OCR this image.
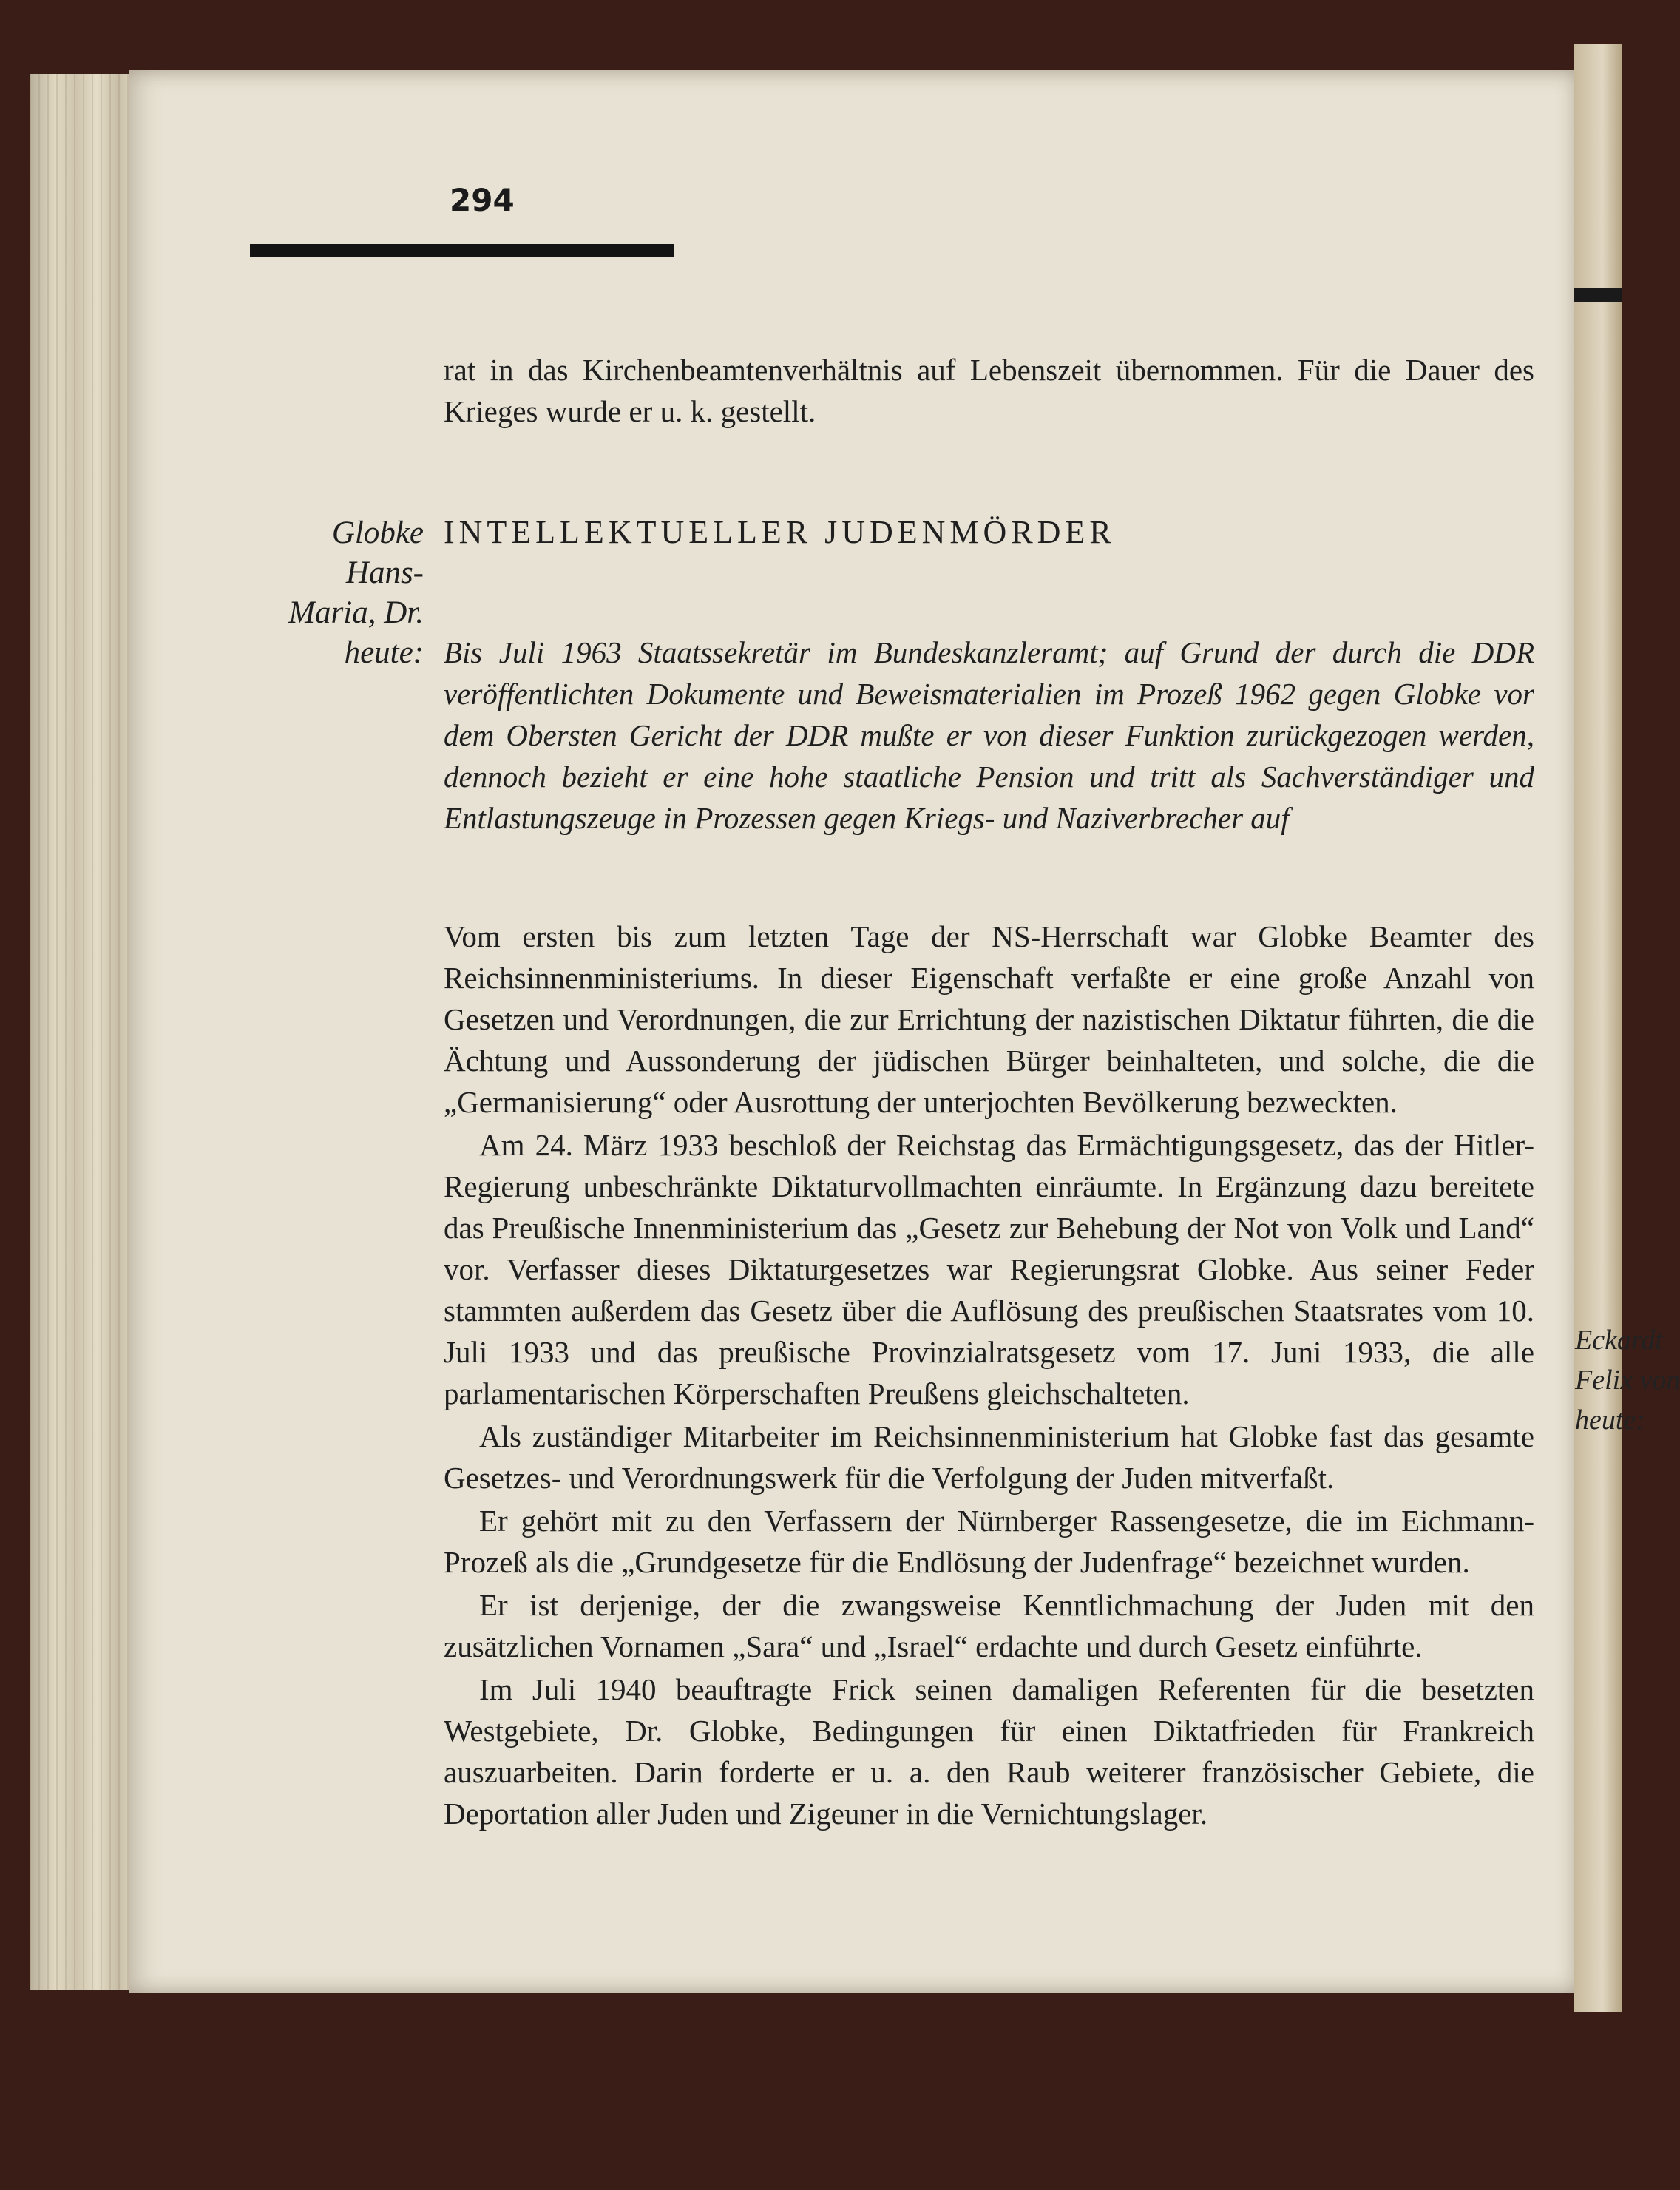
Eckardt
Felix von
heute:
294

rat in das Kirchenbeamtenverhältnis auf Lebenszeit übernommen. Für die Dauer des Krieges wurde er u. k. gestellt.

Globke
Hans-
Maria, Dr.
heute:
INTELLEKTUELLER JUDENMÖRDER

Bis Juli 1963 Staatssekretär im Bundeskanzleramt; auf Grund der durch die DDR veröffentlichten Dokumente und Beweismaterialien im Prozeß 1962 gegen Globke vor dem Obersten Gericht der DDR mußte er von dieser Funktion zurückgezogen werden, dennoch bezieht er eine hohe staatliche Pension und tritt als Sachverständiger und Entlastungszeuge in Prozessen gegen Kriegs- und Naziverbrecher auf

Vom ersten bis zum letzten Tage der NS-Herrschaft war Globke Beamter des Reichsinnenministeriums. In dieser Eigenschaft verfaßte er eine große Anzahl von Gesetzen und Verordnungen, die zur Errichtung der nazistischen Diktatur führten, die die Ächtung und Aussonderung der jüdischen Bürger beinhalteten, und solche, die die „Germanisierung“ oder Ausrottung der unterjochten Bevölkerung bezweckten.

Am 24. März 1933 beschloß der Reichstag das Ermächtigungsgesetz, das der Hitler-Regierung unbeschränkte Diktaturvollmachten einräumte. In Ergänzung dazu bereitete das Preußische Innenministerium das „Gesetz zur Behebung der Not von Volk und Land“ vor. Verfasser dieses Diktaturgesetzes war Regierungsrat Globke. Aus seiner Feder stammten außerdem das Gesetz über die Auflösung des preußischen Staatsrates vom 10. Juli 1933 und das preußische Provinzialratsgesetz vom 17. Juni 1933, die alle parlamentarischen Körperschaften Preußens gleichschalteten.

Als zuständiger Mitarbeiter im Reichsinnenministerium hat Globke fast das gesamte Gesetzes- und Verordnungswerk für die Verfolgung der Juden mitverfaßt.

Er gehört mit zu den Verfassern der Nürnberger Rassengesetze, die im Eichmann-Prozeß als die „Grundgesetze für die Endlösung der Judenfrage“ bezeichnet wurden.

Er ist derjenige, der die zwangsweise Kenntlichmachung der Juden mit den zusätzlichen Vornamen „Sara“ und „Israel“ erdachte und durch Gesetz einführte.

Im Juli 1940 beauftragte Frick seinen damaligen Referenten für die besetzten Westgebiete, Dr. Globke, Bedingungen für einen Diktatfrieden für Frankreich auszuarbeiten. Darin forderte er u. a. den Raub weiterer französischer Gebiete, die Deportation aller Juden und Zigeuner in die Vernichtungslager.
